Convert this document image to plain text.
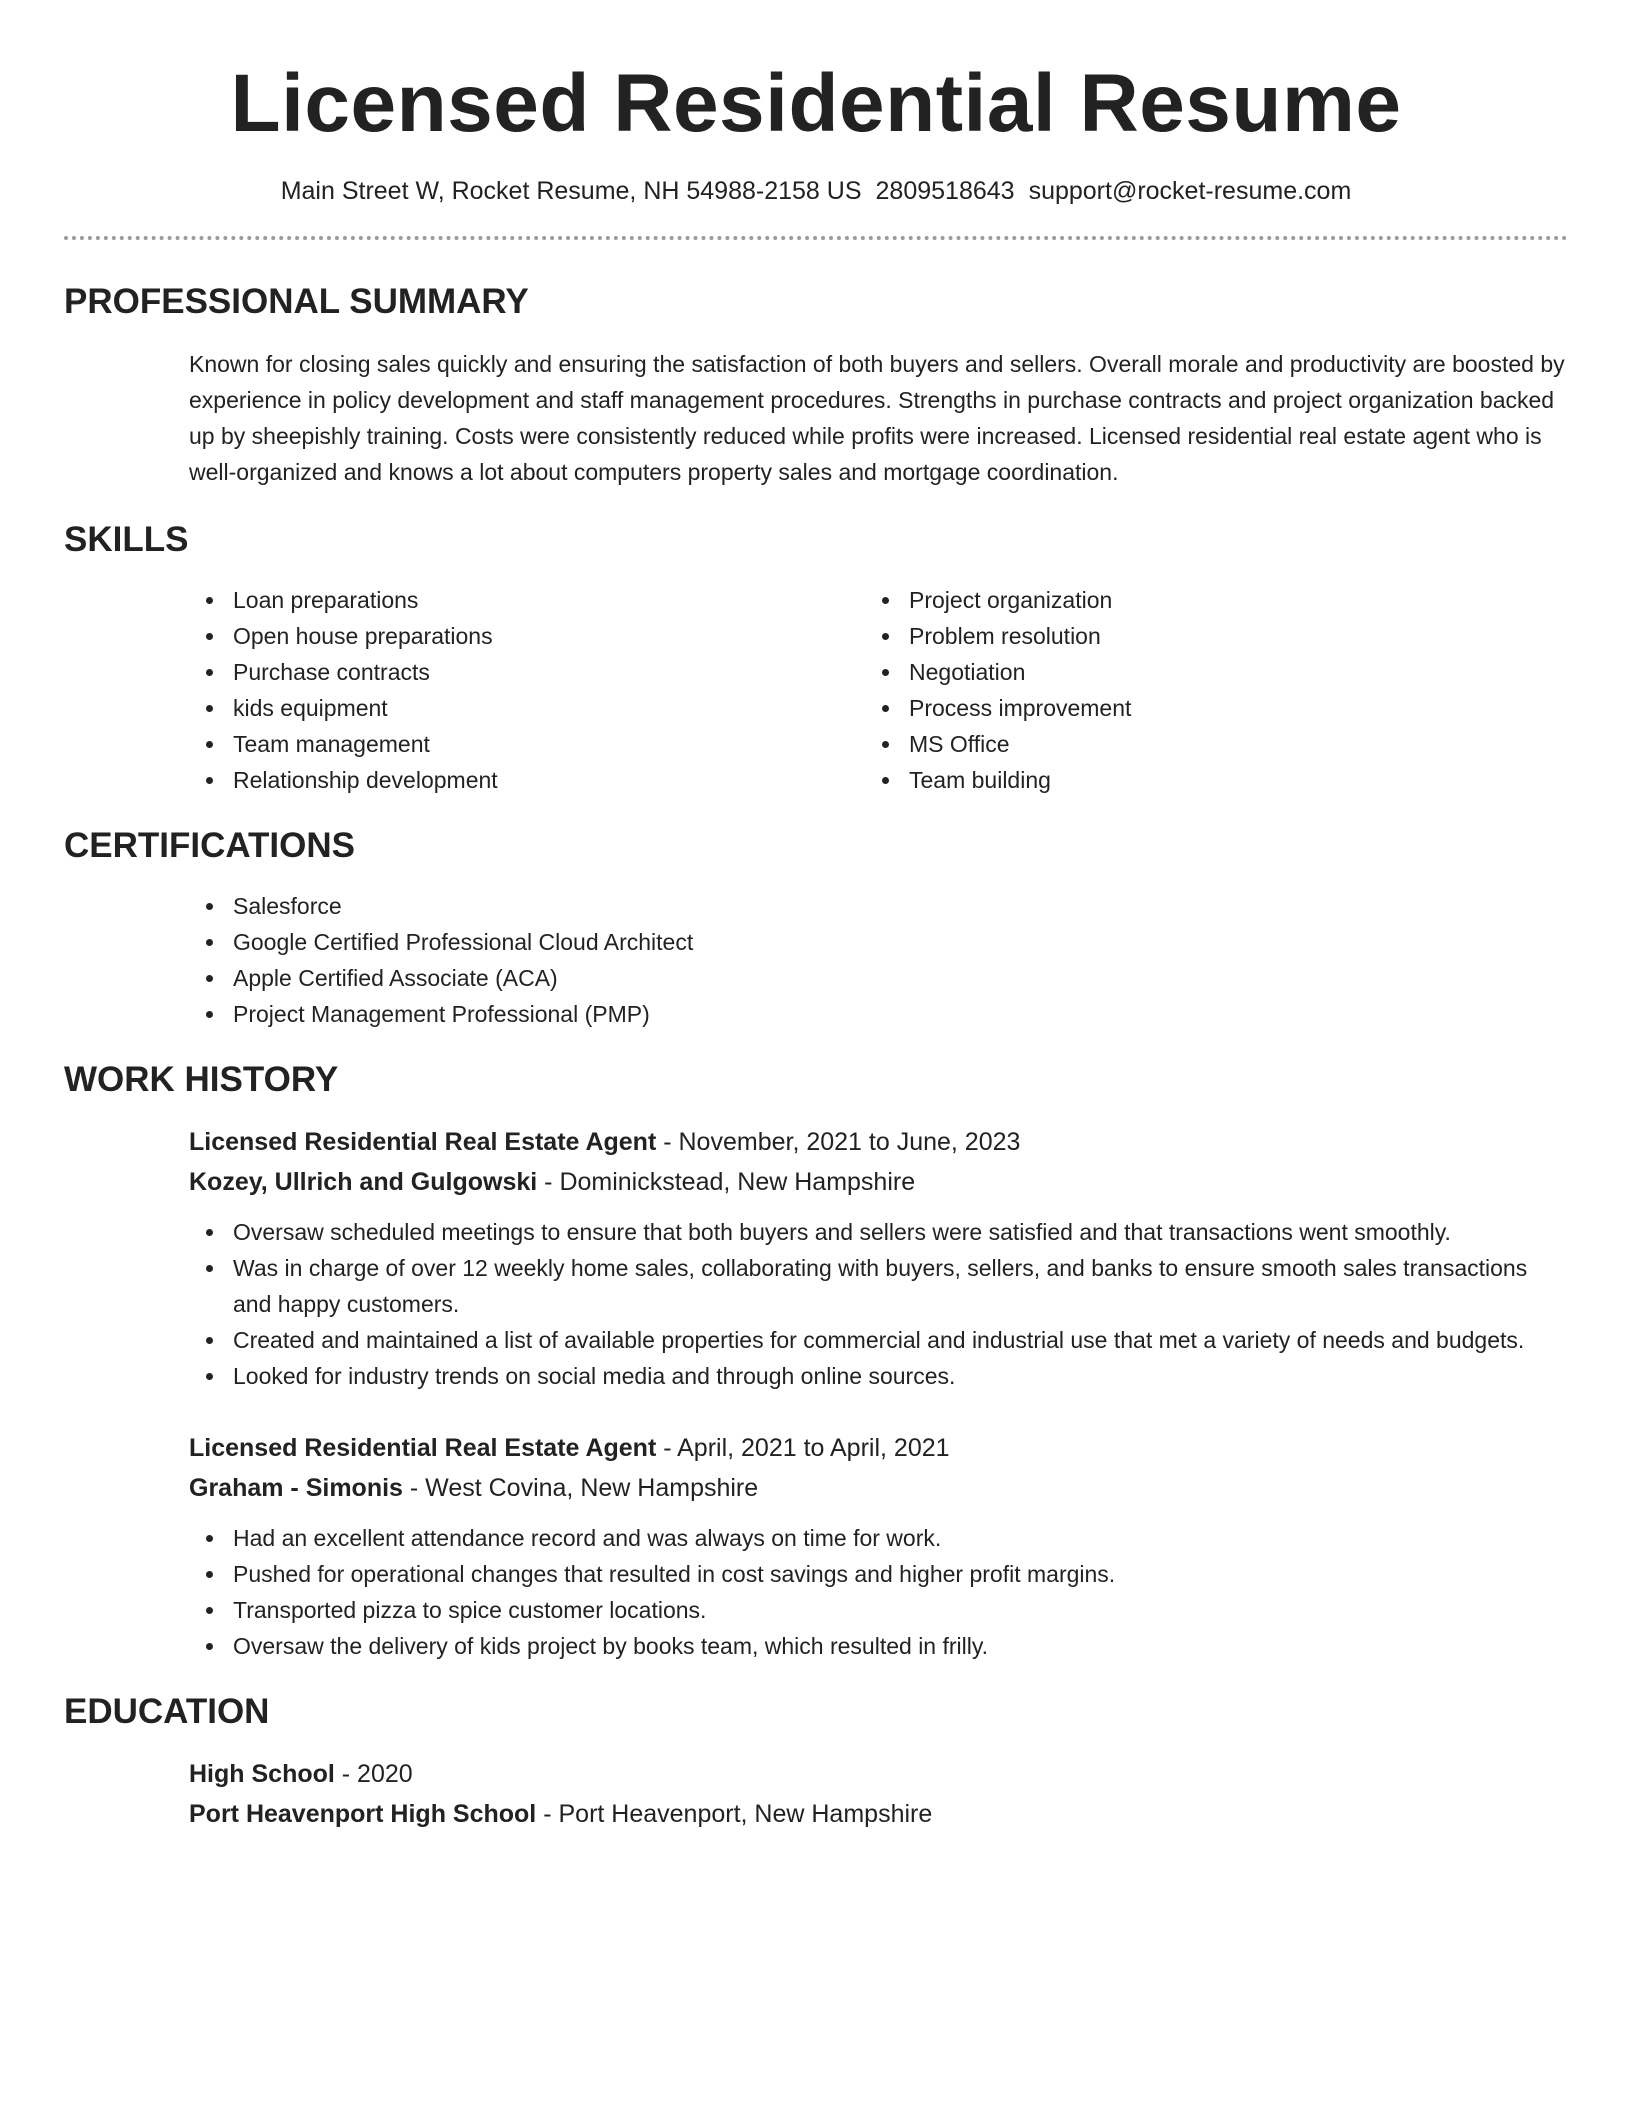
Licensed Residential Resume
Main Street W, Rocket Resume, NH 54988-2158 US 2809518643 support@rocket-resume.com
PROFESSIONAL SUMMARY

Known for closing sales quickly and ensuring the satisfaction of both buyers and sellers. Overall morale and productivity are boosted by experience in policy development and staff management procedures. Strengths in purchase contracts and project organization backed up by sheepishly training. Costs were consistently reduced while profits were increased. Licensed residential real estate agent who is well-organized and knows a lot about computers property sales and mortgage coordination.

SKILLS
Loan preparations
Open house preparations
Purchase contracts
kids equipment
Team management
Relationship development
Project organization
Problem resolution
Negotiation
Process improvement
MS Office
Team building
CERTIFICATIONS
Salesforce
Google Certified Professional Cloud Architect
Apple Certified Associate (ACA)
Project Management Professional (PMP)
WORK HISTORY
Licensed Residential Real Estate Agent - November, 2021 to June, 2023
Kozey, Ullrich and Gulgowski - Dominickstead, New Hampshire
Oversaw scheduled meetings to ensure that both buyers and sellers were satisfied and that transactions went smoothly.
Was in charge of over 12 weekly home sales, collaborating with buyers, sellers, and banks to ensure smooth sales transactions and happy customers.
Created and maintained a list of available properties for commercial and industrial use that met a variety of needs and budgets.
Looked for industry trends on social media and through online sources.
Licensed Residential Real Estate Agent - April, 2021 to April, 2021
Graham - Simonis - West Covina, New Hampshire
Had an excellent attendance record and was always on time for work.
Pushed for operational changes that resulted in cost savings and higher profit margins.
Transported pizza to spice customer locations.
Oversaw the delivery of kids project by books team, which resulted in frilly.
EDUCATION
High School - 2020
Port Heavenport High School - Port Heavenport, New Hampshire
